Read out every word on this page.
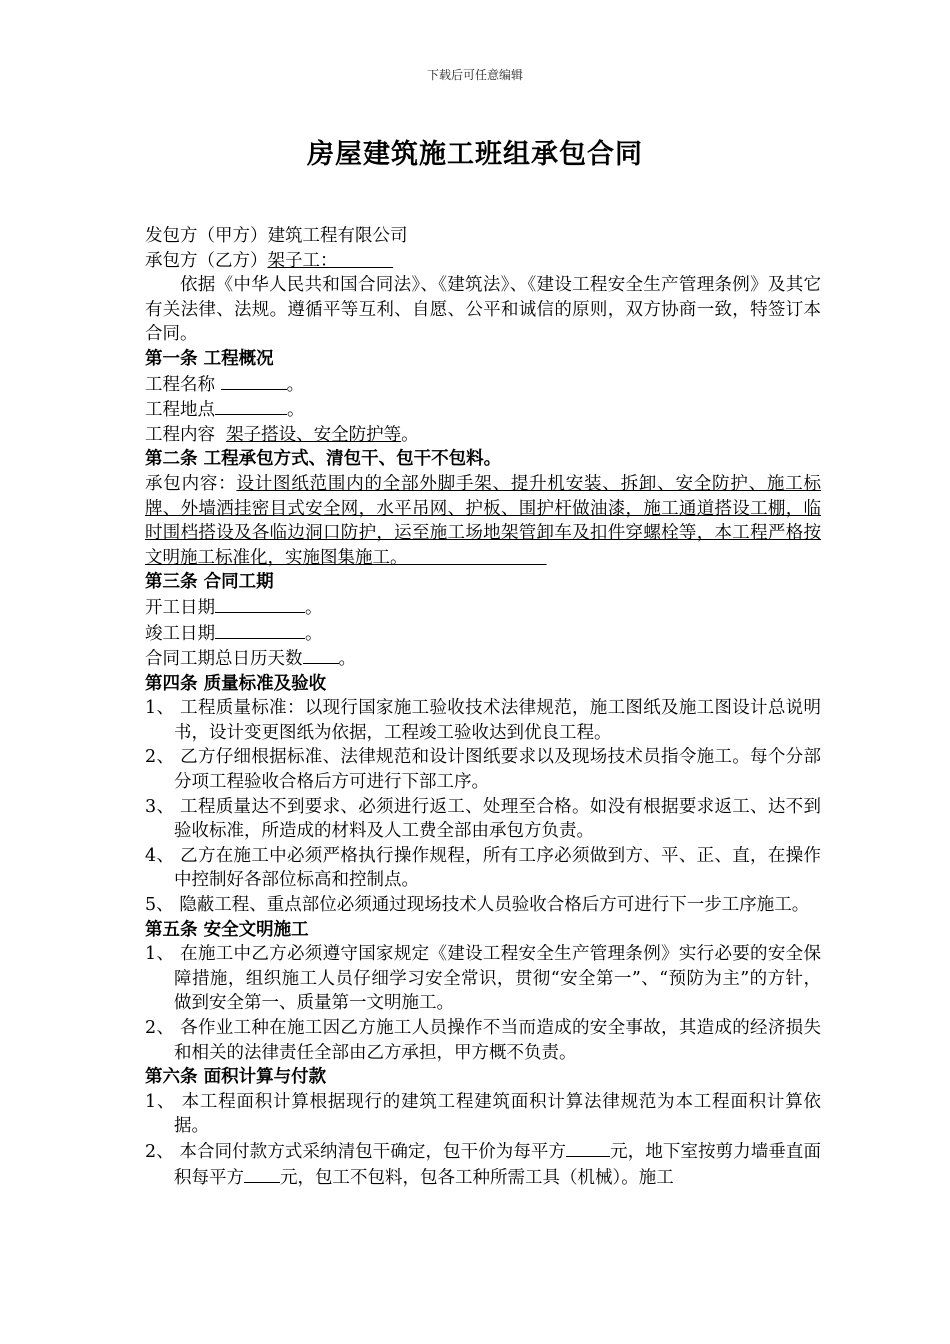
下载后可任意编辑
房屋建筑施工班组承包合同
发包方（甲方）建筑工程有限公司
承包方（乙方）架子工：

依据《中华人民共和国合同法》、《建筑法》、《建设工程安全生产管理条例》及其它有关法律、法规。遵循平等互利、自愿、公平和诚信的原则，双方协商一致，特签订本合同。

第一条 工程概况
工程名称	。
工程地点	。
工程内容  架子搭设、安全防护等。
第二条 工程承包方式、清包干、包干不包料。
承包内容：设计图纸范围内的全部外脚手架、提升机安装、拆卸、安全防护、施工标牌、外墙洒挂密目式安全网，水平吊网、护板、围护杆做油漆，施工通道搭设工棚，临时围档搭设及各临边洞口防护，运至施工场地架管卸车及扣件穿螺栓等，本工程严格按文明施工标准化，实施图集施工。
第三条 合同工期
开工日期	。
竣工日期	。
合同工期总日历天数 。
第四条 质量标准及验收
1、 工程质量标准：以现行国家施工验收技术法律规范，施工图纸及施工图设计总说明书，设计变更图纸为依据，工程竣工验收达到优良工程。
2、 乙方仔细根据标准、法律规范和设计图纸要求以及现场技术员指令施工。每个分部分项工程验收合格后方可进行下部工序。
3、 工程质量达不到要求、必须进行返工、处理至合格。如没有根据要求返工、达不到验收标准，所造成的材料及人工费全部由承包方负责。
4、 乙方在施工中必须严格执行操作规程，所有工序必须做到方、平、正、直，在操作中控制好各部位标高和控制点。
5、 隐蔽工程、重点部位必须通过现场技术人员验收合格后方可进行下一步工序施工。
第五条 安全文明施工
1、 在施工中乙方必须遵守国家规定《建设工程安全生产管理条例》实行必要的安全保障措施，组织施工人员仔细学习安全常识，贯彻“安全第一”、“预防为主”的方针，做到安全第一、质量第一文明施工。
2、 各作业工种在施工因乙方施工人员操作不当而造成的安全事故，其造成的经济损失和相关的法律责任全部由乙方承担，甲方概不负责。
第六条 面积计算与付款
1、 本工程面积计算根据现行的建筑工程建筑面积计算法律规范为本工程面积计算依据。
2、 本合同付款方式采纳清包干确定，包干价为每平方	元，地下室按剪力墙垂直面积每平方 元，包工不包料，包各工种所需工具（机械）。施工
